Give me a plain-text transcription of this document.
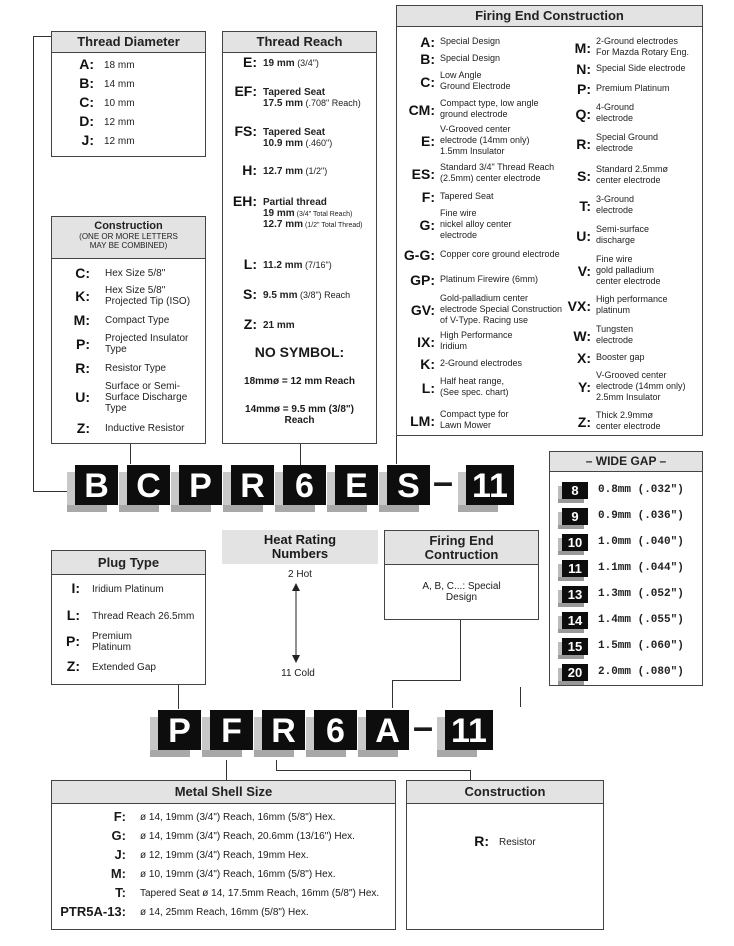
Thread Diameter
A: 18 mm
B: 14 mm
C: 10 mm
D: 12 mm
J: 12 mm
Construction
(ONE OR MORE LETTERS
MAY BE COMBINED)
C: Hex Size 5/8"
K: Hex Size 5/8"
Projected Tip (ISO)
M: Compact Type
P: Projected Insulator
Type
R: Resistor Type
U:
Surface or Semi-
Surface Discharge
Type
Z: Inductive Resistor
Thread Reach
E: 19 mm (3/4")
EF: Tapered Seat
17.5 mm (.708" Reach)
FS: Tapered Seat
10.9 mm (.460")
H: 12.7 mm (1/2")
EH: Partial thread
19 mm (3/4" Total Reach)
12.7 mm (1/2" Total Thread)
L: 11.2 mm (7/16")
S: 9.5 mm (3/8") Reach
Z: 21 mm
NO SYMBOL:
18mmø = 12 mm Reach
14mmø = 9.5 mm (3/8")
Reach
Firing End Construction
A: Special Design
B: Special Design
C: Low Angle
Ground Electrode
CM: Compact type, low angle
ground electrode
E:
V-Grooved center
electrode (14mm only)
1.5mm Insulator
ES: Standard 3/4" Thread Reach
(2.5mm) center electrode
F: Tapered Seat
G:
Fine wire
nickel alloy center
electrode
G-G: Copper core ground electrode
GP: Platinum Firewire (6mm)
GV:
Gold-palladium center
electrode Special Construction
of V-Type. Racing use
IX: High Performance
Iridium
K: 2-Ground electrodes
L: Half heat range,
(See spec. chart)
LM: Compact type for
Lawn Mower
M: 2-Ground electrodes
For Mazda Rotary Eng.
N: Special Side electrode
P: Premium Platinum
Q: 4-Ground
electrode
R: Special Ground
electrode
S: Standard 2.5mmø
center electrode
T: 3-Ground
electrode
U: Semi-surface
discharge
V:
Fine wire
gold palladium
center electrode
VX: High performance
platinum
W: Tungsten
electrode
X: Booster gap
Y:
V-Grooved center
electrode (14mm only)
2.5mm Insulator
Z: Thick 2.9mmø
center electrode
B C P R 6 E S – 11
– WIDE GAP –
8	0.8mm (.032")
9	0.9mm (.036")
10	1.0mm (.040")
11	1.1mm (.044")
13	1.3mm (.052")
14	1.4mm (.055")
15	1.5mm (.060")
20	2.0mm (.080")
Heat Rating
Numbers
2 Hot
11 Cold
Firing End
Contruction
A, B, C...: Special
Design
Plug Type
I: Iridium Platinum
L: Thread Reach 26.5mm
P: Premium
Platinum
Z: Extended Gap
P F R 6 A – 11
Metal Shell Size
F: ø 14, 19mm (3/4") Reach, 16mm (5/8") Hex.
G: ø 14, 19mm (3/4") Reach, 20.6mm (13/16") Hex.
J: ø 12, 19mm (3/4") Reach, 19mm Hex.
M: ø 10, 19mm (3/4") Reach, 16mm (5/8") Hex.
T: Tapered Seat ø 14, 17.5mm Reach, 16mm (5/8") Hex.
PTR5A-13: ø 14, 25mm Reach, 16mm (5/8") Hex.
Construction
R: Resistor
